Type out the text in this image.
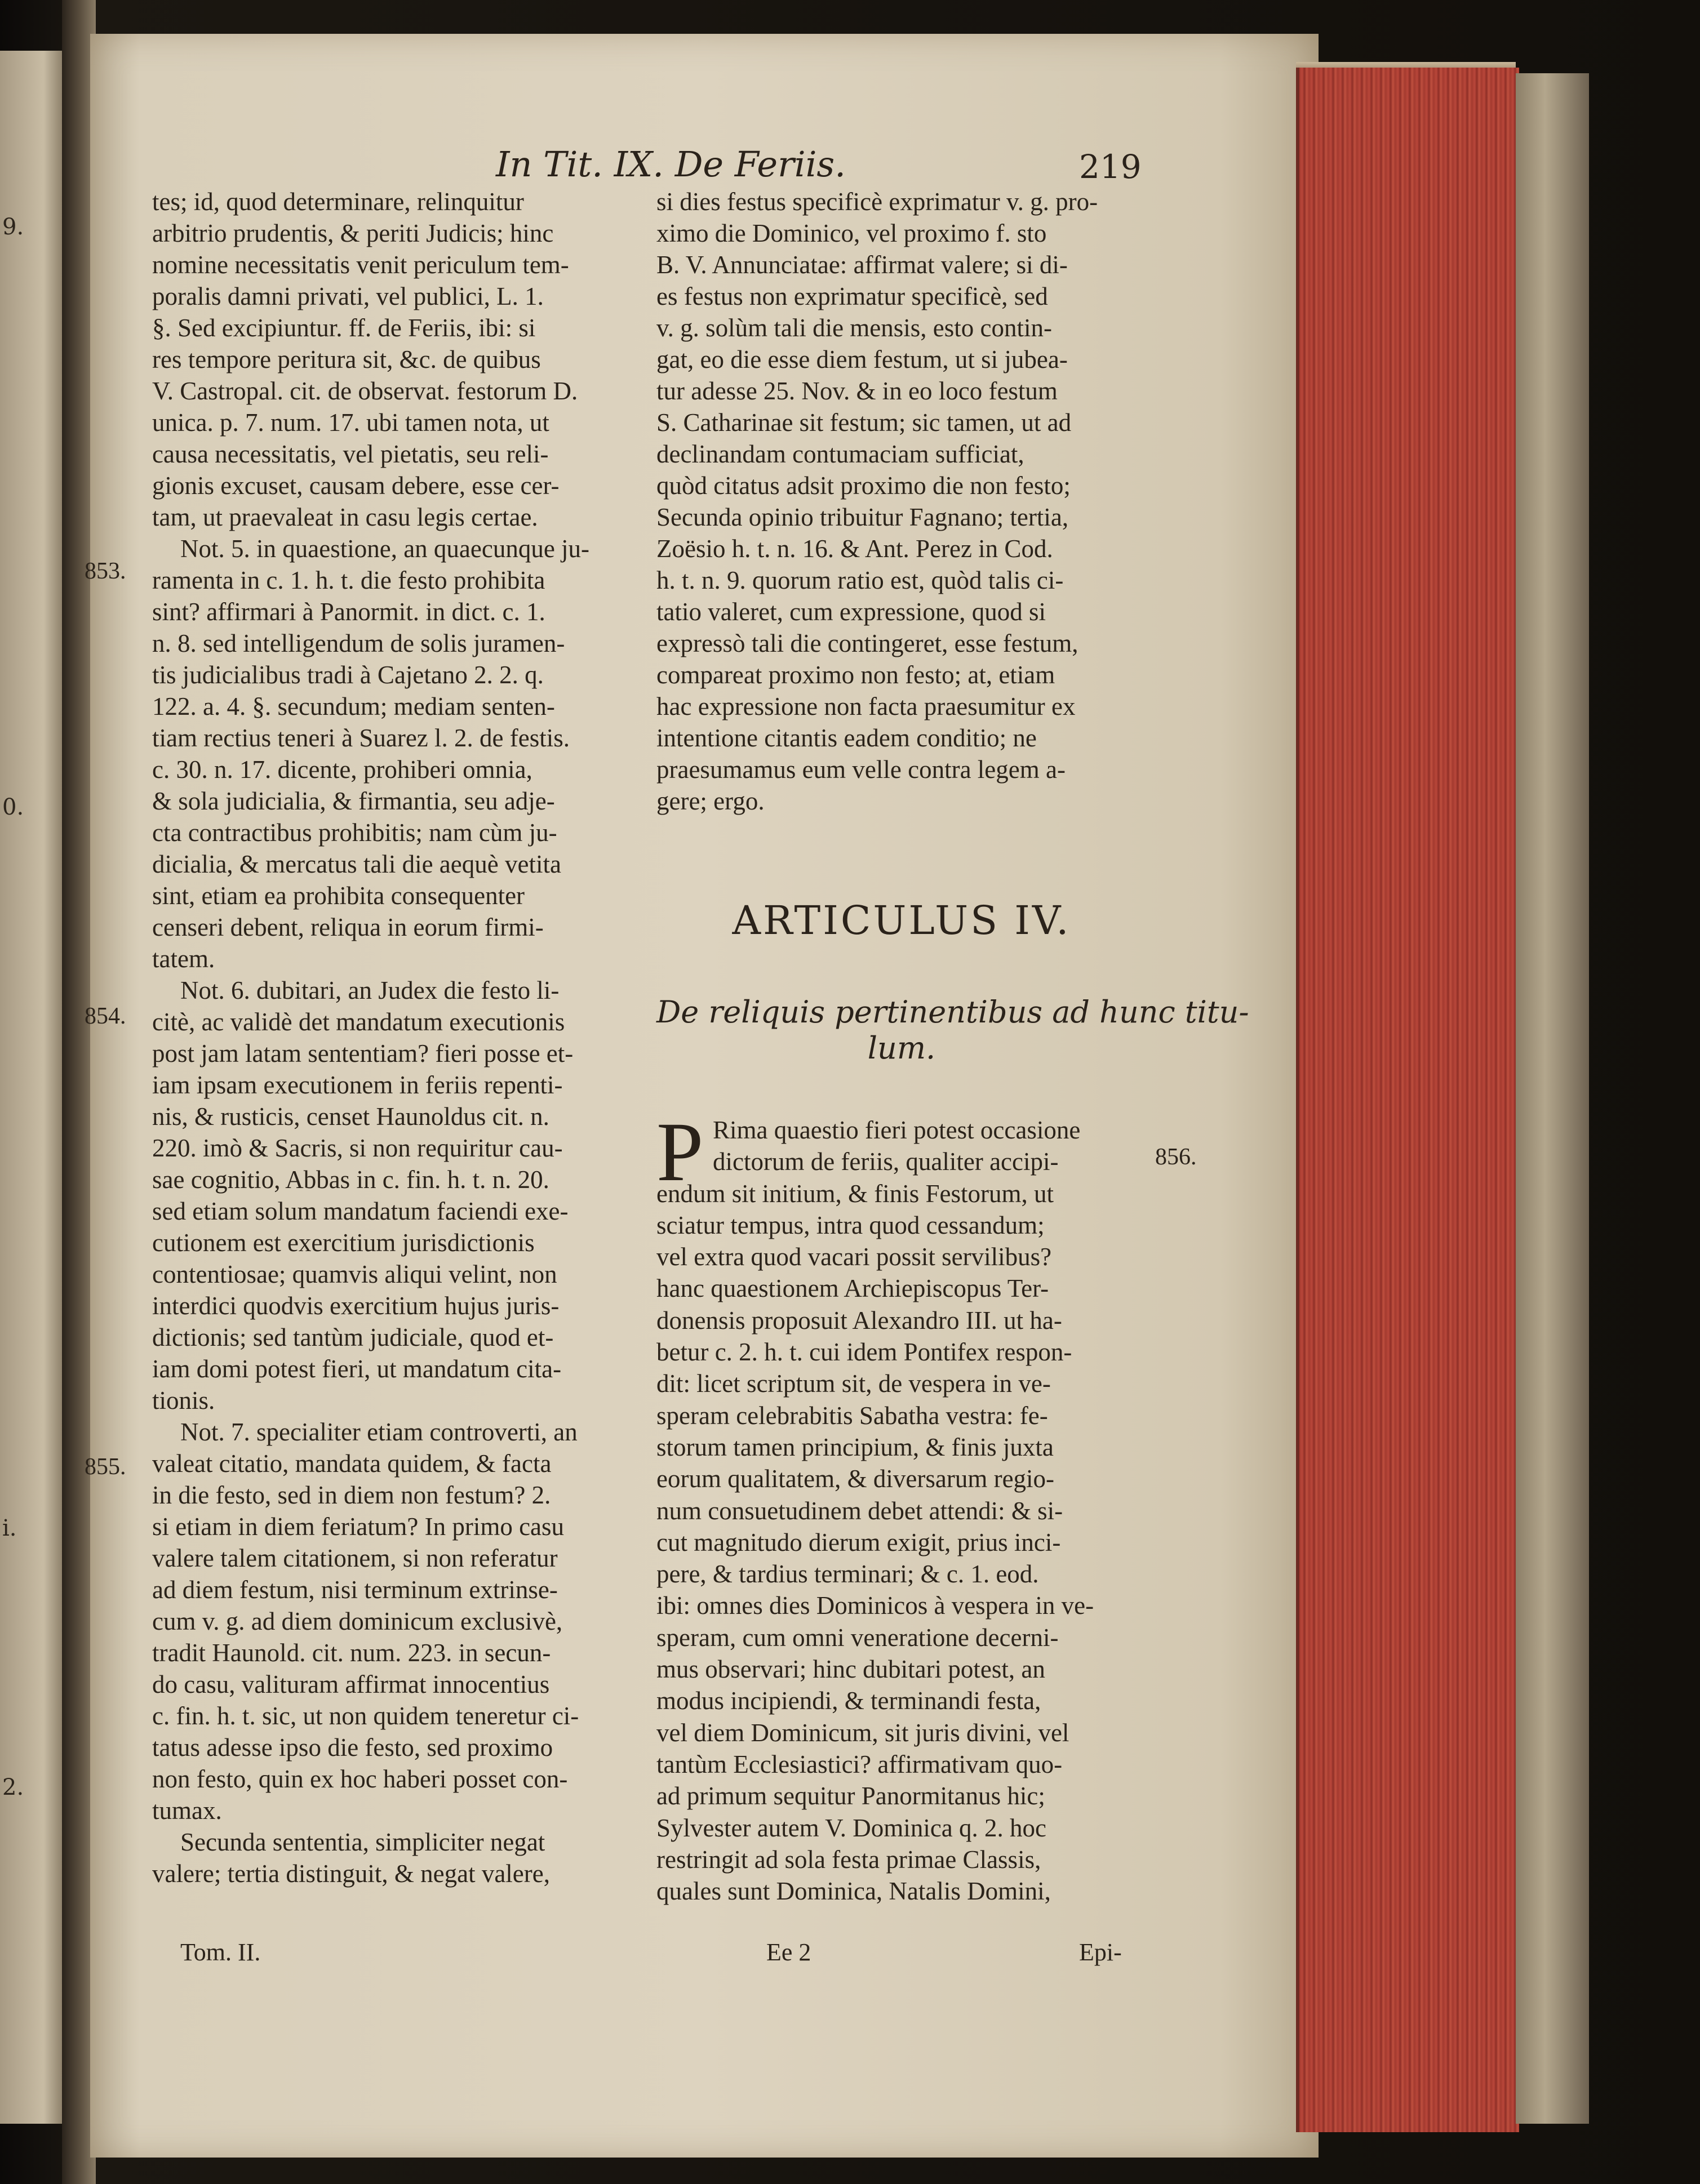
9.
0.
i.
2.
In Tit. IX. De Feriis.	219
tes; id, quod determinare, relinquitur
arbitrio prudentis, & periti Judicis; hinc
nomine necessitatis venit periculum tem-
poralis damni privati, vel publici, L. 1.
§. Sed excipiuntur. ff. de Feriis, ibi: si
res tempore peritura sit, &c. de quibus
V. Castropal. cit. de observat. festorum D.
unica. p. 7. num. 17. ubi tamen nota, ut
causa necessitatis, vel pietatis, seu reli-
gionis excuset, causam debere, esse cer-
tam, ut praevaleat in casu legis certae.
Not. 5. in quaestione, an quaecunque ju-
ramenta in c. 1. h. t. die festo prohibita
sint? affirmari à Panormit. in dict. c. 1.
n. 8. sed intelligendum de solis juramen-
tis judicialibus tradi à Cajetano 2. 2. q.
122. a. 4. §. secundum; mediam senten-
tiam rectius teneri à Suarez l. 2. de festis.
c. 30. n. 17. dicente, prohiberi omnia,
& sola judicialia, & firmantia, seu adje-
cta contractibus prohibitis; nam cùm ju-
dicialia, & mercatus tali die aequè vetita
sint, etiam ea prohibita consequenter
censeri debent, reliqua in eorum firmi-
tatem.
Not. 6. dubitari, an Judex die festo li-
citè, ac validè det mandatum executionis
post jam latam sententiam? fieri posse et-
iam ipsam executionem in feriis repenti-
nis, & rusticis, censet Haunoldus cit. n.
220. imò & Sacris, si non requiritur cau-
sae cognitio, Abbas in c. fin. h. t. n. 20.
sed etiam solum mandatum faciendi exe-
cutionem est exercitium jurisdictionis
contentiosae; quamvis aliqui velint, non
interdici quodvis exercitium hujus juris-
dictionis; sed tantùm judiciale, quod et-
iam domi potest fieri, ut mandatum cita-
tionis.
Not. 7. specialiter etiam controverti, an
valeat citatio, mandata quidem, & facta
in die festo, sed in diem non festum? 2.
si etiam in diem feriatum? In primo casu
valere talem citationem, si non referatur
ad diem festum, nisi terminum extrinse-
cum v. g. ad diem dominicum exclusivè,
tradit Haunold. cit. num. 223. in secun-
do casu, valituram affirmat innocentius
c. fin. h. t. sic, ut non quidem teneretur ci-
tatus adesse ipso die festo, sed proximo
non festo, quin ex hoc haberi posset con-
tumax.
Secunda sententia, simpliciter negat
valere; tertia distinguit, & negat valere,
853.
854.
855.
si dies festus specificè exprimatur v. g. pro-
ximo die Dominico, vel proximo f. sto
B. V. Annunciatae: affirmat valere; si di-
es festus non exprimatur specificè, sed
v. g. solùm tali die mensis, esto contin-
gat, eo die esse diem festum, ut si jubea-
tur adesse 25. Nov. & in eo loco festum
S. Catharinae sit festum; sic tamen, ut ad
declinandam contumaciam sufficiat,
quòd citatus adsit proximo die non festo;
Secunda opinio tribuitur Fagnano; tertia,
Zoësio h. t. n. 16. & Ant. Perez in Cod.
h. t. n. 9. quorum ratio est, quòd talis ci-
tatio valeret, cum expressione, quod si
expressò tali die contingeret, esse festum,
compareat proximo non festo; at, etiam
hac expressione non facta praesumitur ex
intentione citantis eadem conditio; ne
praesumamus eum velle contra legem a-
gere; ergo.
ARTICULUS IV.
De reliquis pertinentibus ad hunc titu-
lum.
P Rima quaestio fieri potest occasione
dictorum de feriis, qualiter accipi-
endum sit initium, & finis Festorum, ut
sciatur tempus, intra quod cessandum;
vel extra quod vacari possit servilibus?
hanc quaestionem Archiepiscopus Ter-
donensis proposuit Alexandro III. ut ha-
betur c. 2. h. t. cui idem Pontifex respon-
dit: licet scriptum sit, de vespera in ve-
speram celebrabitis Sabatha vestra: fe-
storum tamen principium, & finis juxta
eorum qualitatem, & diversarum regio-
num consuetudinem debet attendi: & si-
cut magnitudo dierum exigit, prius inci-
pere, & tardius terminari; & c. 1. eod.
ibi: omnes dies Dominicos à vespera in ve-
speram, cum omni veneratione decerni-
mus observari; hinc dubitari potest, an
modus incipiendi, & terminandi festa,
vel diem Dominicum, sit juris divini, vel
tantùm Ecclesiastici? affirmativam quo-
ad primum sequitur Panormitanus hic;
Sylvester autem V. Dominica q. 2. hoc
restringit ad sola festa primae Classis,
quales sunt Dominica, Natalis Domini,
856.
Tom. II.	Ee 2	Epi-
